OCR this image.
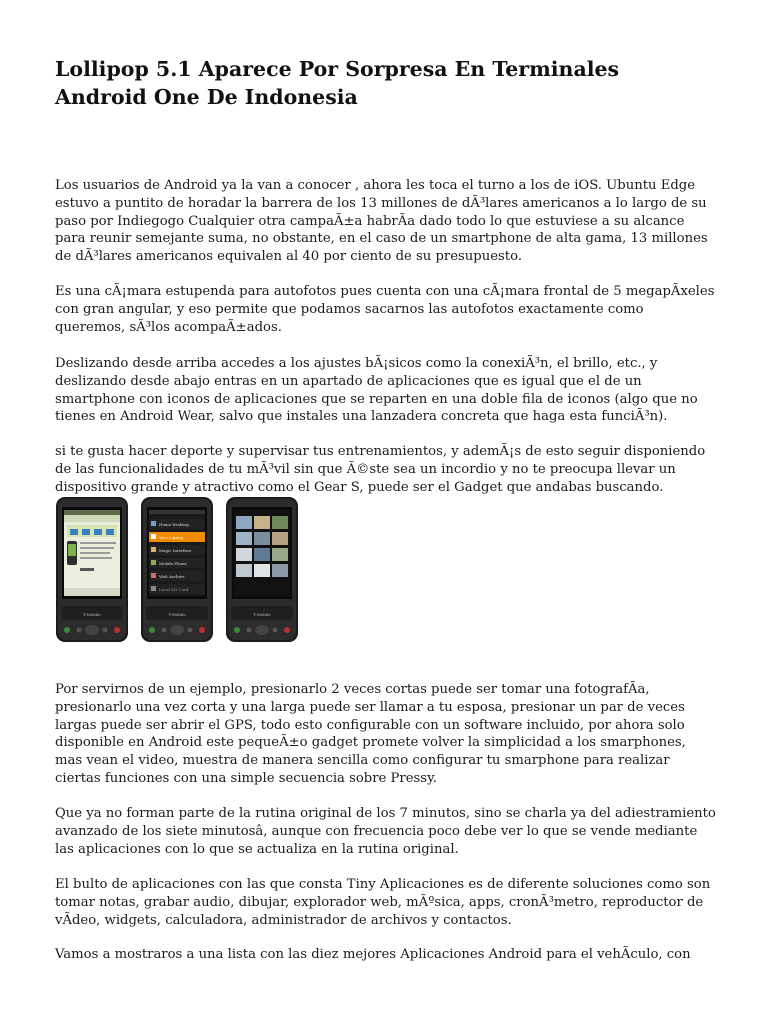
Lollipop 5.1 Aparece Por Sorpresa En Terminales Android One De Indonesia

Los usuarios de Android ya la van a conocer , ahora les toca el turno a los de iOS. Ubuntu Edge estuvo a puntito de horadar la barrera de los 13 millones de dÃ³lares americanos a lo largo de su paso por Indiegogo Cualquier otra campaÃ±a habrÃa dado todo lo que estuviese a su alcance para reunir semejante suma, no obstante, en el caso de un smartphone de alta gama, 13 millones de dÃ³lares americanos equivalen al 40 por ciento de su presupuesto.

Es una cÃ¡mara estupenda para autofotos pues cuenta con una cÃ¡mara frontal de 5 megapÃxeles con gran angular, y eso permite que podamos sacarnos las autofotos exactamente como queremos, sÃ³los acompaÃ±ados.

Deslizando desde arriba accedes a los ajustes bÃ¡sicos como la conexiÃ³n, el brillo, etc., y deslizando desde abajo entras en un apartado de aplicaciones que es igual que el de un smartphone con iconos de aplicaciones que se reparten en una doble fila de iconos (algo que no tienes en Android Wear, salvo que instales una lanzadera concreta que haga esta funciÃ³n).

si te gusta hacer deporte y supervisar tus entrenamientos, y ademÃ¡s de esto seguir disponiendo de las funcionalidades de tu mÃ³vil sin que Ã©ste sea un incordio y no te preocupa llevar un dispositivo grande y atractivo como el Gear S, puede ser el Gadget que andabas buscando.

T-Mobile
Home Desktop
Vivo Laptop
Magic Interface
Mobile Phone
Web Archive
Local SD Card
T-Mobile	T-Mobile

Por servirnos de un ejemplo, presionarlo 2 veces cortas puede ser tomar una fotografÃa, presionarlo una vez corta y una larga puede ser llamar a tu esposa, presionar un par de veces largas puede ser abrir el GPS, todo esto configurable con un software incluido, por ahora solo disponible en Android este pequeÃ±o gadget promete volver la simplicidad a los smarphones, mas vean el video, muestra de manera sencilla como configurar tu smarphone para realizar ciertas funciones con una simple secuencia sobre Pressy.

Que ya no forman parte de la rutina original de los 7 minutos, sino se charla ya del adiestramiento avanzado de los siete minutosâ, aunque con frecuencia poco debe ver lo que se vende mediante las aplicaciones con lo que se actualiza en la rutina original.

El bulto de aplicaciones con las que consta Tiny Aplicaciones es de diferente soluciones como son tomar notas, grabar audio, dibujar, explorador web, mÃºsica, apps, cronÃ³metro, reproductor de vÃdeo, widgets, calculadora, administrador de archivos y contactos.

Vamos a mostraros a una lista con las diez mejores Aplicaciones Android para el vehÃculo, con
